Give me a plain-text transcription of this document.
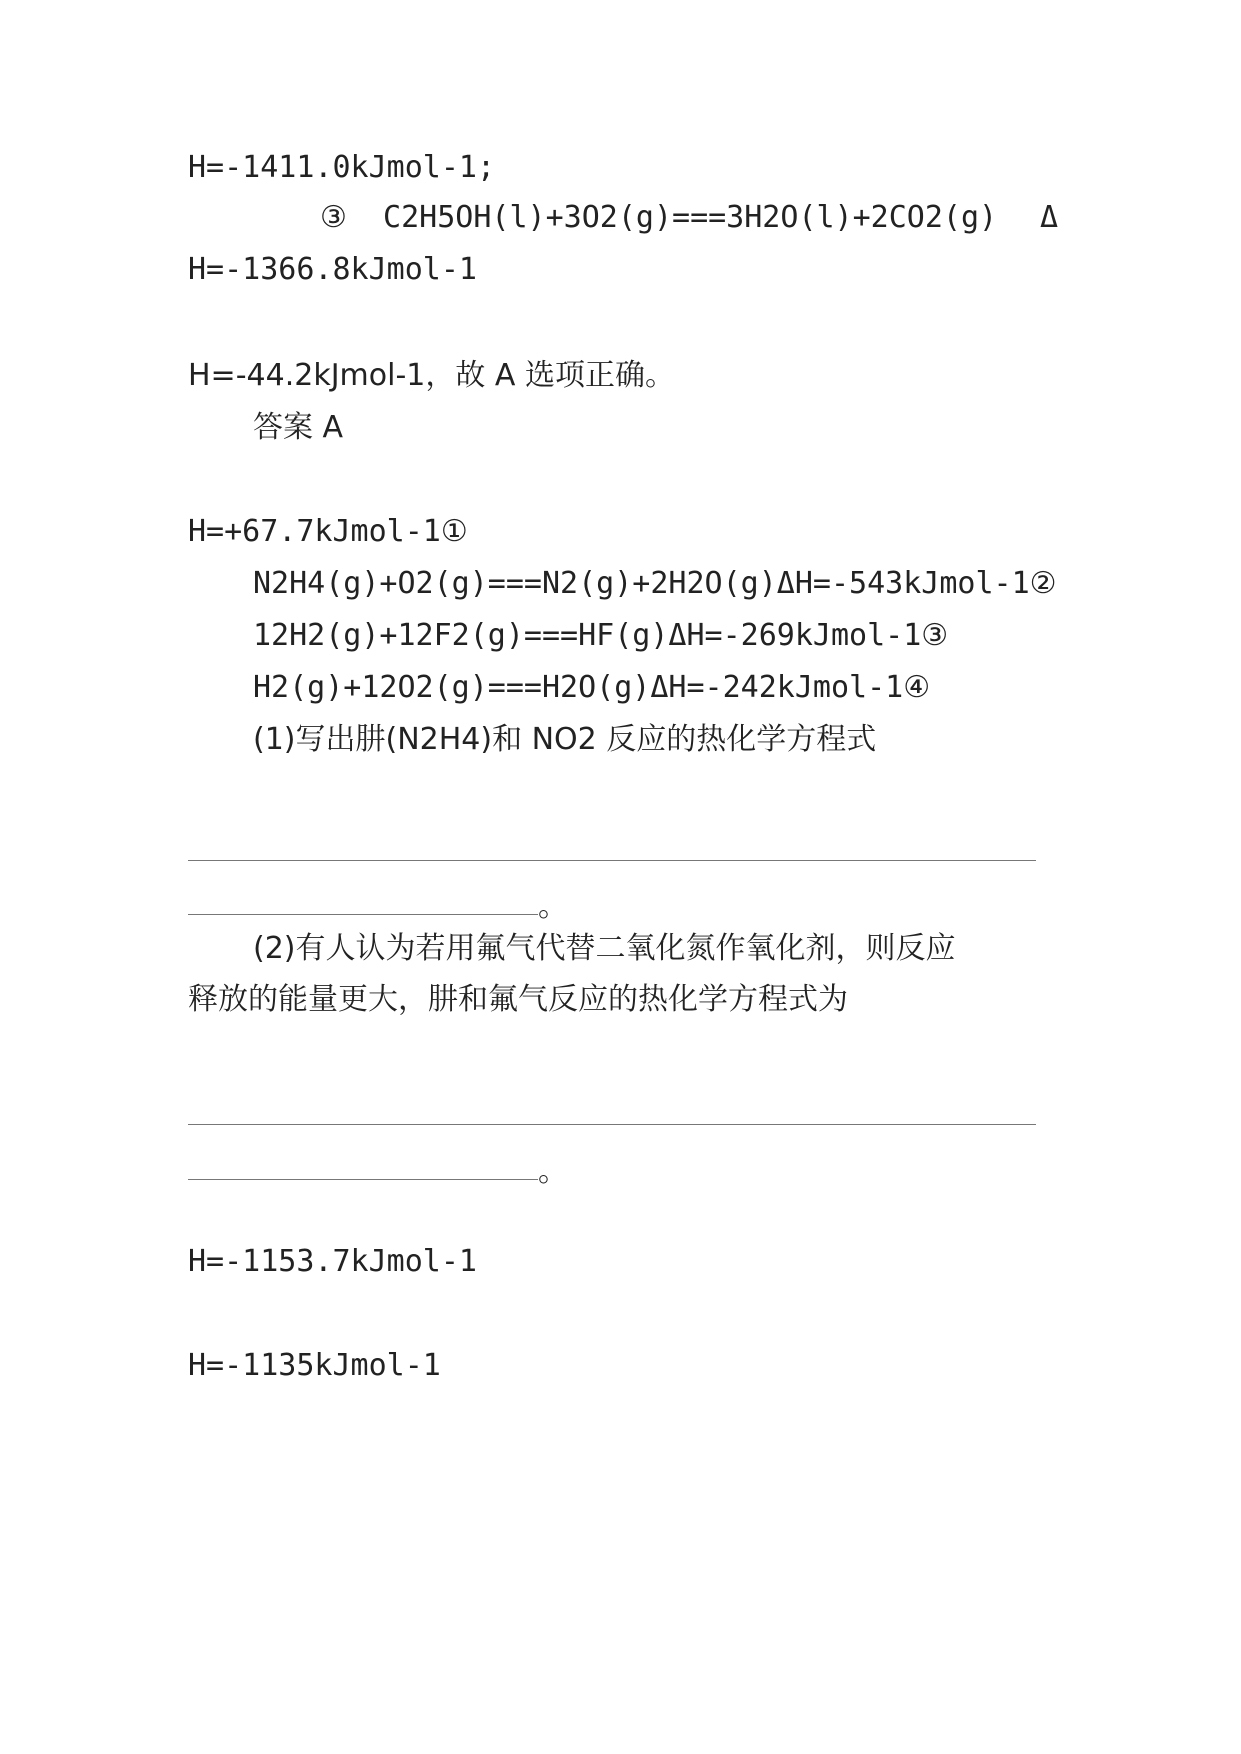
H=-1411.0kJmol-1;
③  C2H5OH(l)+3O2(g)===3H2O(l)+2CO2(g) Δ
H=-1366.8kJmol-1

H=-44.2kJmol-1，故 A 选项正确。
答案 A

H=+67.7kJmol-1①
N2H4(g)+O2(g)===N2(g)+2H2O(g)ΔH=-543kJmol-1②
12H2(g)+12F2(g)===HF(g)ΔH=-269kJmol-1③
H2(g)+12O2(g)===H2O(g)ΔH=-242kJmol-1④
(1)写出肼(N2H4)和 NO2 反应的热化学方程式
。
(2)有人认为若用氟气代替二氧化氮作氧化剂，则反应
释放的能量更大，肼和氟气反应的热化学方程式为
。

H=-1153.7kJmol-1

H=-1135kJmol-1
